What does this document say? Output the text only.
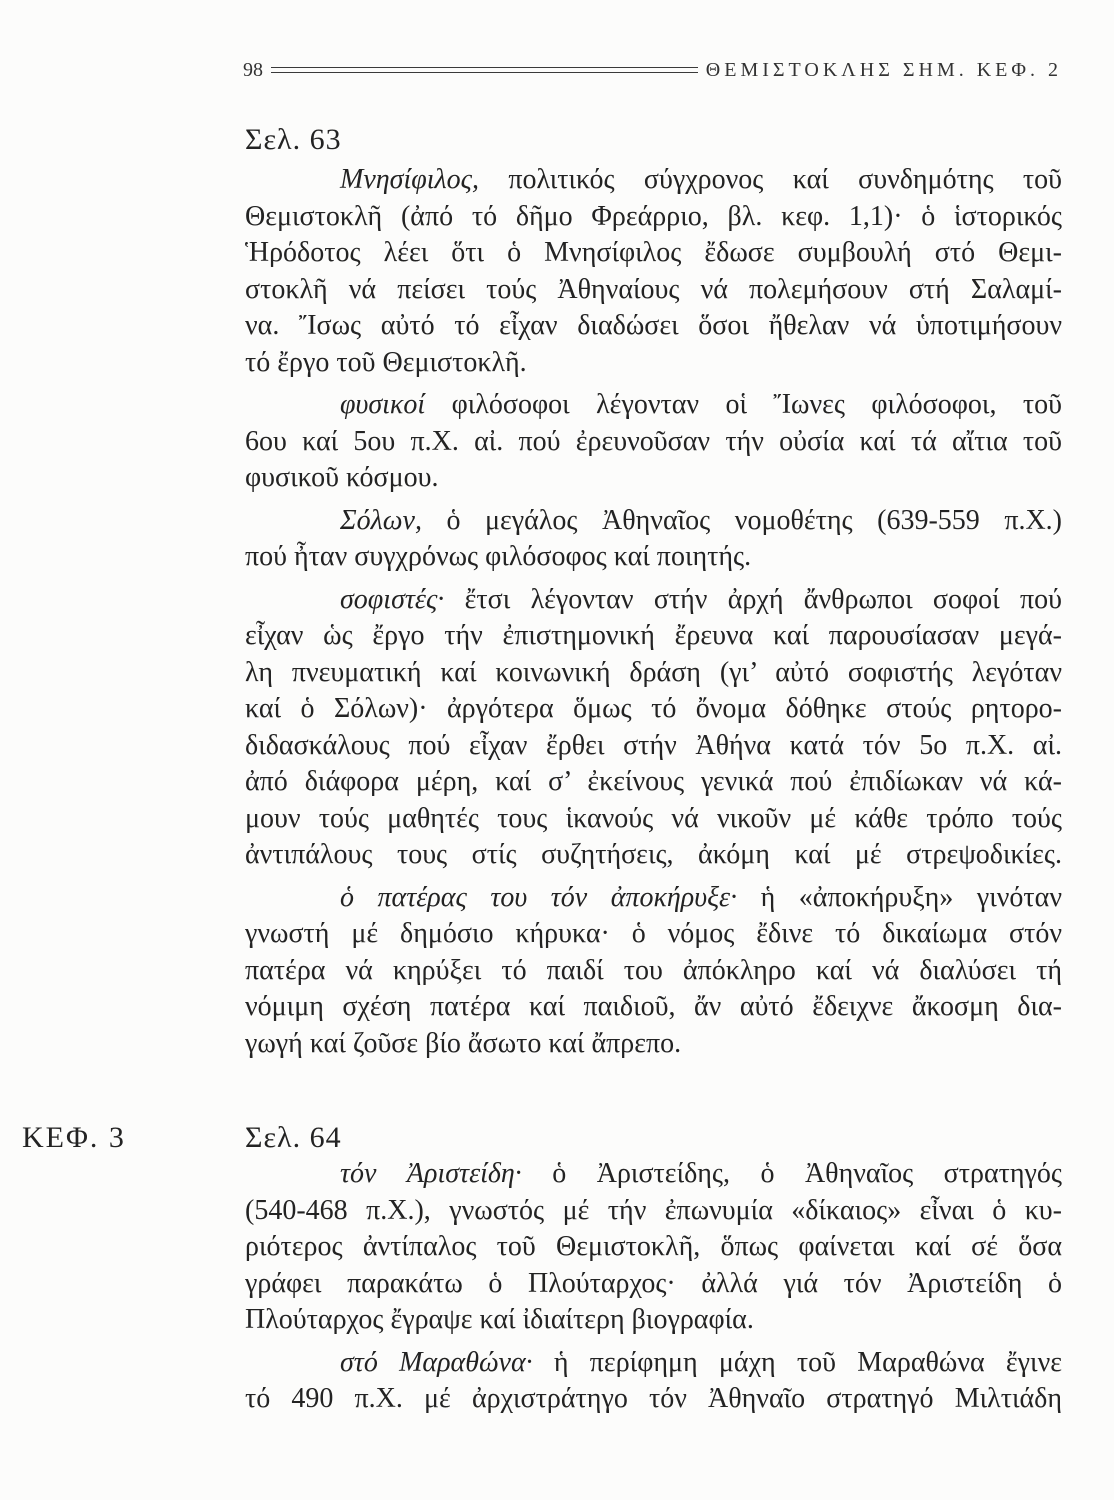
98	ΘΕΜΙΣΤΟΚΛΗΣ ΣΗΜ. ΚΕΦ. 2
Σελ. 63
Μνησίφιλος, πολιτικός σύγχρονος καί συνδημότης τοῦ
Θεμιστοκλῆ (ἀπό τό δῆμο Φρεάρριο, βλ. κεφ. 1,1)· ὁ ἱστορικός
Ἡρόδοτος λέει ὅτι ὁ Μνησίφιλος ἔδωσε συμβουλή στό Θεμι-
στοκλῆ νά πείσει τούς Ἀθηναίους νά πολεμήσουν στή Σαλαμί-
να. Ἴσως αὐτό τό εἶχαν διαδώσει ὅσοι ἤθελαν νά ὑποτιμήσουν
τό ἔργο τοῦ Θεμιστοκλῆ.
φυσικοί φιλόσοφοι λέγονταν οἱ Ἴωνες φιλόσοφοι, τοῦ
6ου καί 5ου π.Χ. αἰ. πού ἐρευνοῦσαν τήν οὐσία καί τά αἴτια τοῦ
φυσικοῦ κόσμου.
Σόλων, ὁ μεγάλος Ἀθηναῖος νομοθέτης (639-559 π.Χ.)
πού ἦταν συγχρόνως φιλόσοφος καί ποιητής.
σοφιστές· ἔτσι λέγονταν στήν ἀρχή ἄνθρωποι σοφοί πού
εἶχαν ὡς ἔργο τήν ἐπιστημονική ἔρευνα καί παρουσίασαν μεγά-
λη πνευματική καί κοινωνική δράση (γι’ αὐτό σοφιστής λεγόταν
καί ὁ Σόλων)· ἀργότερα ὅμως τό ὄνομα δόθηκε στούς ρητορο-
διδασκάλους πού εἶχαν ἔρθει στήν Ἀθήνα κατά τόν 5ο π.Χ. αἰ.
ἀπό διάφορα μέρη, καί σ’ ἐκείνους γενικά πού ἐπιδίωκαν νά κά-
μουν τούς μαθητές τους ἱκανούς νά νικοῦν μέ κάθε τρόπο τούς
ἀντιπάλους τους στίς συζητήσεις, ἀκόμη καί μέ στρεψοδικίες.
ὁ πατέρας του τόν ἀποκήρυξε· ἡ «ἀποκήρυξη» γινόταν
γνωστή μέ δημόσιο κήρυκα· ὁ νόμος ἔδινε τό δικαίωμα στόν
πατέρα νά κηρύξει τό παιδί του ἀπόκληρο καί νά διαλύσει τή
νόμιμη σχέση πατέρα καί παιδιοῦ, ἄν αὐτό ἔδειχνε ἄκοσμη δια-
γωγή καί ζοῦσε βίο ἄσωτο καί ἄπρεπο.
ΚΕΦ. 3	Σελ. 64
τόν Ἀριστείδη· ὁ Ἀριστείδης, ὁ Ἀθηναῖος στρατηγός
(540-468 π.Χ.), γνωστός μέ τήν ἐπωνυμία «δίκαιος» εἶναι ὁ κυ-
ριότερος ἀντίπαλος τοῦ Θεμιστοκλῆ, ὅπως φαίνεται καί σέ ὅσα
γράφει παρακάτω ὁ Πλούταρχος· ἀλλά γιά τόν Ἀριστείδη ὁ
Πλούταρχος ἔγραψε καί ἰδιαίτερη βιογραφία.
στό Μαραθώνα· ἡ περίφημη μάχη τοῦ Μαραθώνα ἔγινε
τό 490 π.Χ. μέ ἀρχιστράτηγο τόν Ἀθηναῖο στρατηγό Μιλτιάδη
